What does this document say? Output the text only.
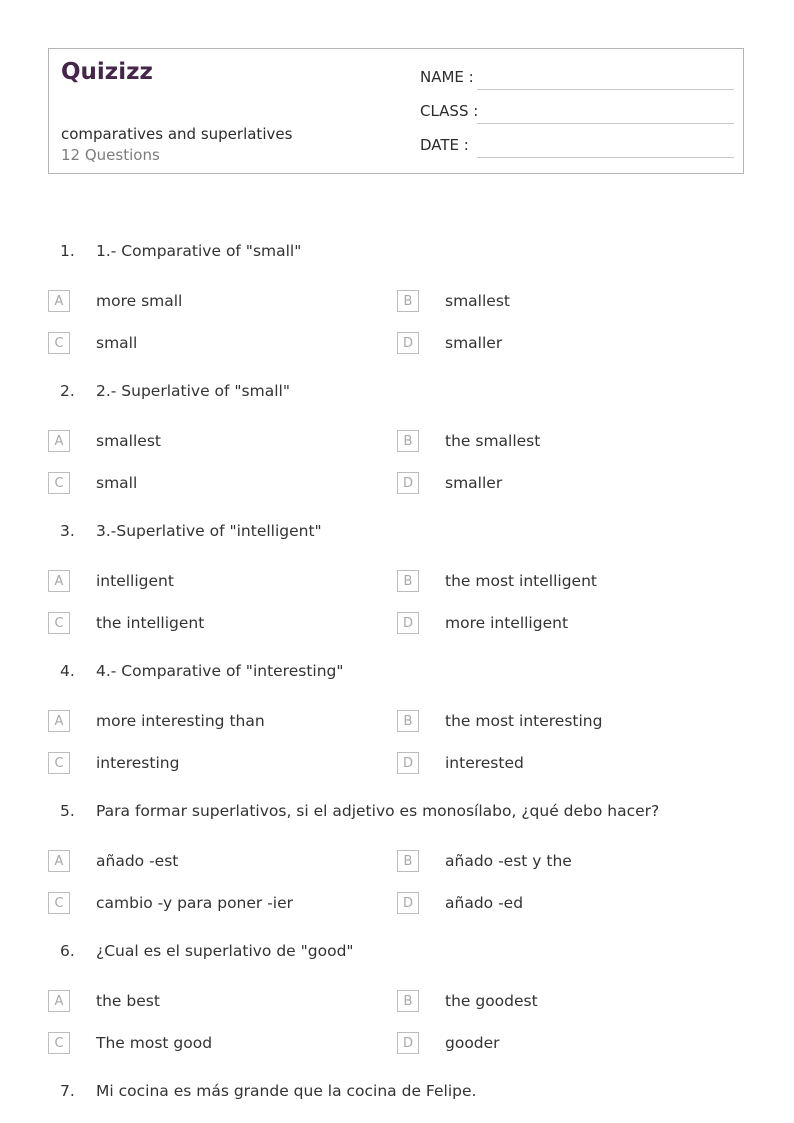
Quizizz
comparatives and superlatives
12 Questions
NAME :
CLASS :
DATE :
1. 1.- Comparative of "small"
A	more small	B	smallest
C	small	D	smaller
2. 2.- Superlative of "small"
A	smallest	B	the smallest
C	small	D	smaller
3. 3.-Superlative of "intelligent"
A	intelligent	B	the most intelligent
C	the intelligent	D	more intelligent
4. 4.- Comparative of "interesting"
A	more interesting than	B	the most interesting
C	interesting	D	interested
5. Para formar superlativos, si el adjetivo es monosílabo, ¿qué debo hacer?
A	añado -est	B	añado -est y the
C	cambio -y para poner -ier	D	añado -ed
6. ¿Cual es el superlativo de "good"
A	the best	B	the goodest
C	The most good	D	gooder
7. Mi cocina es más grande que la cocina de Felipe.
